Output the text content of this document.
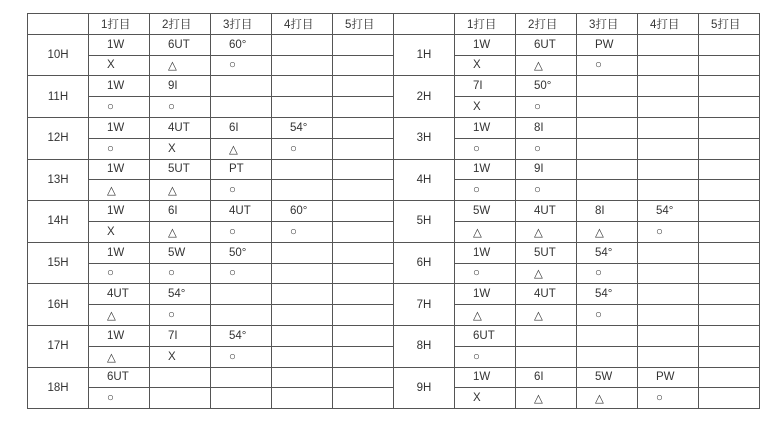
	1打目	2打目	3打目	4打目	5打目		1打目	2打目	3打目	4打目	5打目
10H	1W	6UT	60°			1H	1W	6UT	PW		
	X	△	○				X	△	○		
11H	1W	9I				2H	7I	50°			
	○	○					X	○			
12H	1W	4UT	6I	54°		3H	1W	8I			
	○	X	△	○			○	○			
13H	1W	5UT	PT			4H	1W	9I			
	△	△	○				○	○			
14H	1W	6I	4UT	60°		5H	5W	4UT	8I	54°	
	X	△	○	○			△	△	△	○	
15H	1W	5W	50°			6H	1W	5UT	54°		
	○	○	○				○	△	○		
16H	4UT	54°				7H	1W	4UT	54°		
	△	○					△	△	○		
17H	1W	7I	54°			8H	6UT				
	△	X	○				○				
18H	6UT					9H	1W	6I	5W	PW	
	○						X	△	△	○	
